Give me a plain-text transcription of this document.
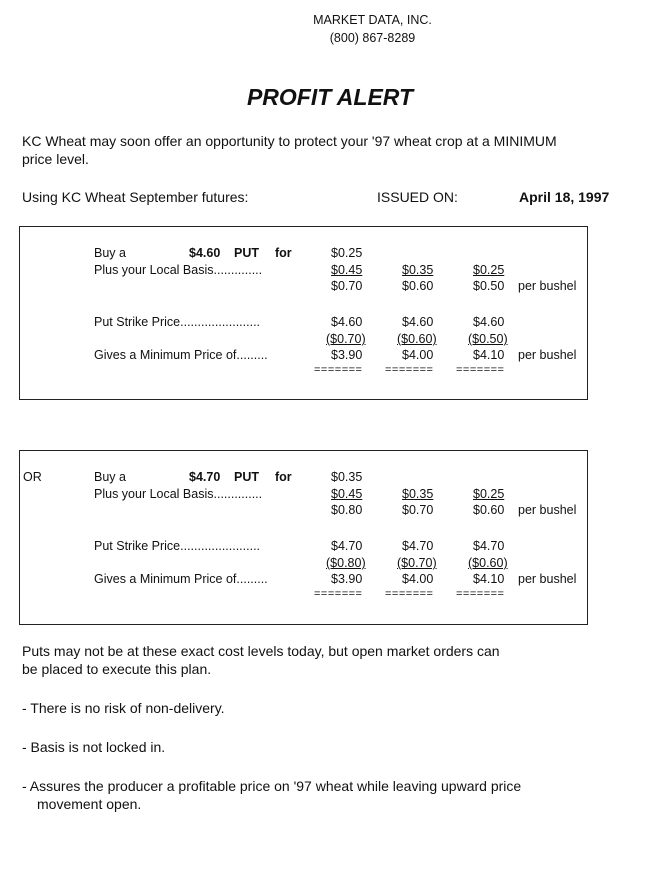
MARKET DATA, INC.
(800) 867-8289
PROFIT ALERT
KC Wheat may soon offer an opportunity to protect your '97 wheat crop at a MINIMUM
price level.
Using KC Wheat September futures:	ISSUED ON:	April 18, 1997
Buy a	$4.60 PUT for	$0.25
Plus your Local Basis..............	$0.45	$0.35	$0.25
$0.70	$0.60	$0.50 per bushel
Put Strike Price.......................	$4.60	$4.60	$4.60
($0.70)	($0.60)	($0.50)
Gives a Minimum Price of.........	$3.90	$4.00	$4.10 per bushel
======= ======= =======
OR	Buy a	$4.70 PUT for	$0.35
Plus your Local Basis..............	$0.45	$0.35	$0.25
$0.80	$0.70	$0.60 per bushel
Put Strike Price.......................	$4.70	$4.70	$4.70
($0.80)	($0.70)	($0.60)
Gives a Minimum Price of.........	$3.90	$4.00	$4.10 per bushel
======= ======= =======
Puts may not be at these exact cost levels today, but open market orders can
be placed to execute this plan.
- There is no risk of non-delivery.
- Basis is not locked in.
- Assures the producer a profitable price on '97 wheat while leaving upward price
movement open.
